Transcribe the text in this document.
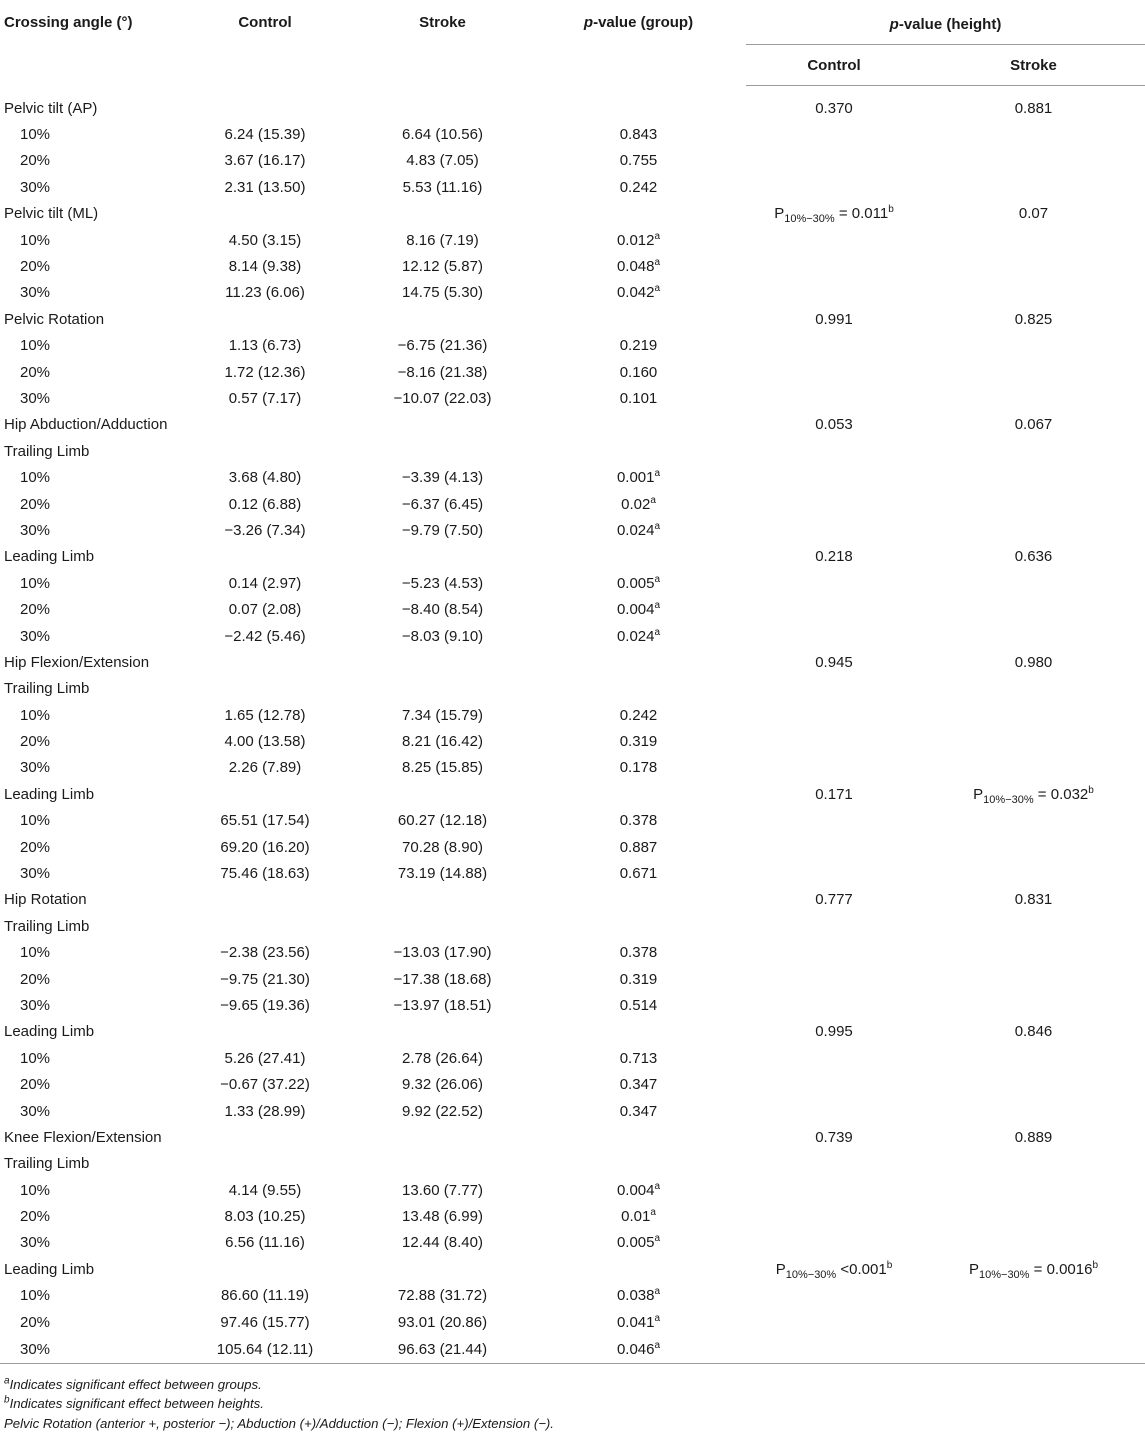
Crossing angle (°)	Control	Stroke	p-value (group)	p-value (height)	
				Control	Stroke

Pelvic tilt (AP)				0.370	0.881
10%	6.24 (15.39)	6.64 (10.56)	0.843		
20%	3.67 (16.17)	4.83 (7.05)	0.755		
30%	2.31 (13.50)	5.53 (11.16)	0.242		
Pelvic tilt (ML)				$P_{10\%-30\%} = 0.011^b$	0.07
10%	4.50 (3.15)	8.16 (7.19)	0.012$^a$		
20%	8.14 (9.38)	12.12 (5.87)	0.048$^a$		
30%	11.23 (6.06)	14.75 (5.30)	0.042$^a$		
Pelvic Rotation				0.991	0.825
10%	1.13 (6.73)	−6.75 (21.36)	0.219		
20%	1.72 (12.36)	−8.16 (21.38)	0.160		
30%	0.57 (7.17)	−10.07 (22.03)	0.101		
Hip Abduction/Adduction				0.053	0.067
Trailing Limb					
10%	3.68 (4.80)	−3.39 (4.13)	0.001$^a$		
20%	0.12 (6.88)	−6.37 (6.45)	0.02$^a$		
30%	−3.26 (7.34)	−9.79 (7.50)	0.024$^a$		
Leading Limb				0.218	0.636
10%	0.14 (2.97)	−5.23 (4.53)	0.005$^a$		
20%	0.07 (2.08)	−8.40 (8.54)	0.004$^a$		
30%	−2.42 (5.46)	−8.03 (9.10)	0.024$^a$		
Hip Flexion/Extension				0.945	0.980
Trailing Limb					
10%	1.65 (12.78)	7.34 (15.79)	0.242		
20%	4.00 (13.58)	8.21 (16.42)	0.319		
30%	2.26 (7.89)	8.25 (15.85)	0.178		
Leading Limb				0.171	$P_{10\%-30\%} = 0.032^b$
10%	65.51 (17.54)	60.27 (12.18)	0.378		
20%	69.20 (16.20)	70.28 (8.90)	0.887		
30%	75.46 (18.63)	73.19 (14.88)	0.671		
Hip Rotation				0.777	0.831
Trailing Limb					
10%	−2.38 (23.56)	−13.03 (17.90)	0.378		
20%	−9.75 (21.30)	−17.38 (18.68)	0.319		
30%	−9.65 (19.36)	−13.97 (18.51)	0.514		
Leading Limb				0.995	0.846
10%	5.26 (27.41)	2.78 (26.64)	0.713		
20%	−0.67 (37.22)	9.32 (26.06)	0.347		
30%	1.33 (28.99)	9.92 (22.52)	0.347		
Knee Flexion/Extension				0.739	0.889
Trailing Limb					
10%	4.14 (9.55)	13.60 (7.77)	0.004$^a$		
20%	8.03 (10.25)	13.48 (6.99)	0.01$^a$		
30%	6.56 (11.16)	12.44 (8.40)	0.005$^a$		
Leading Limb				$P_{10\%-30\%} <0.001^b$	$P_{10\%-30\%} = 0.0016^b$
10%	86.60 (11.19)	72.88 (31.72)	0.038$^a$		
20%	97.46 (15.77)	93.01 (20.86)	0.041$^a$		
30%	105.64 (12.11)	96.63 (21.44)	0.046$^a$		
$^a$Indicates significant effect between groups.
$^b$Indicates significant effect between heights.
Pelvic Rotation (anterior +, posterior −); Abduction (+)/Adduction (−); Flexion (+)/Extension (−).
